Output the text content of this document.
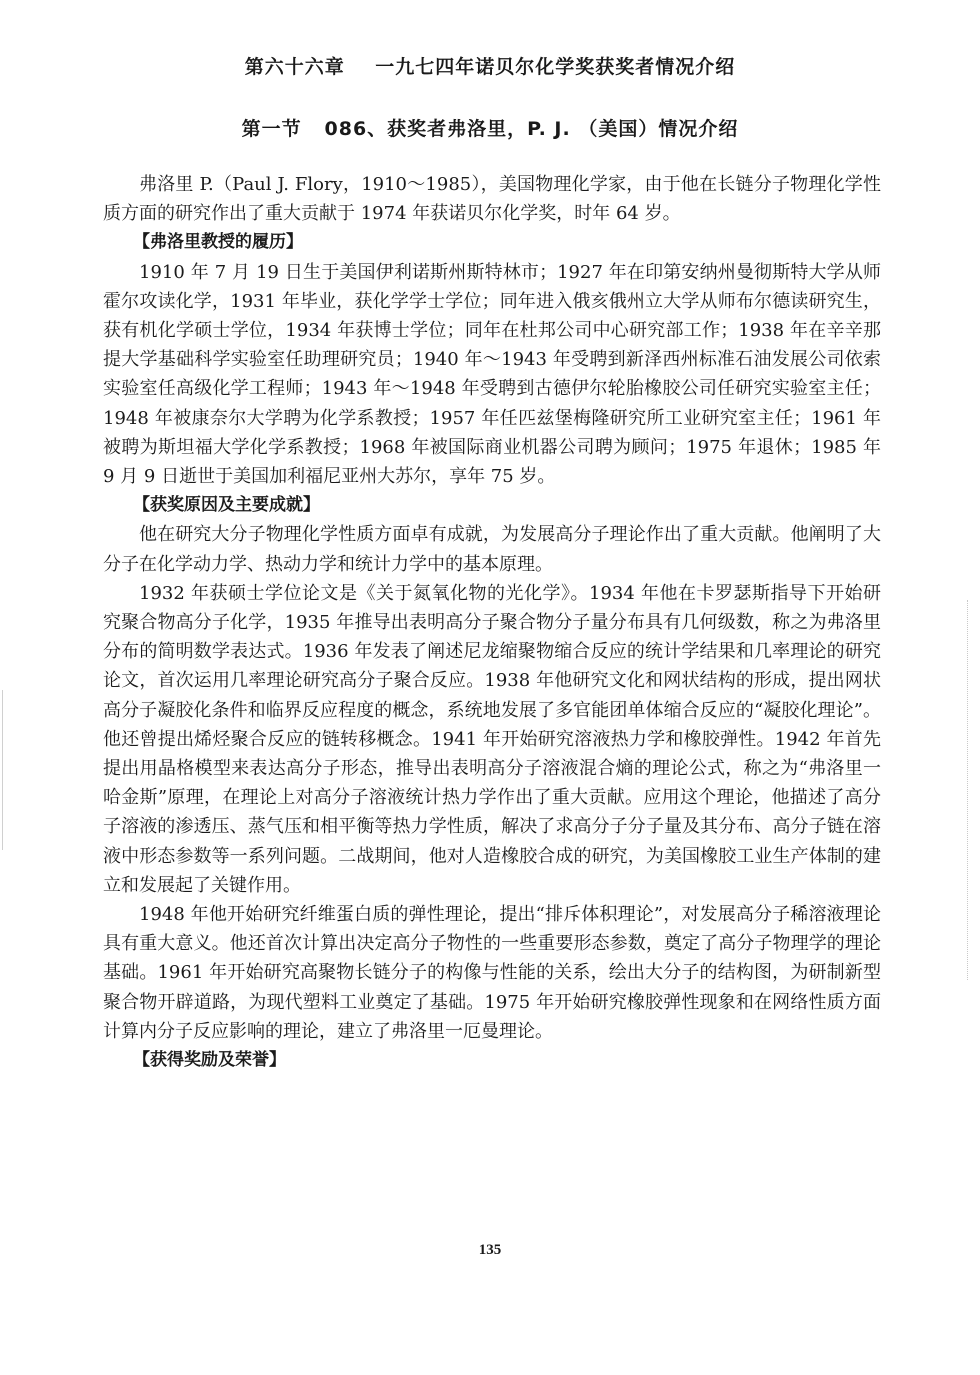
第六十六章    一九七四年诺贝尔化学奖获奖者情况介绍
第一节   086、获奖者弗洛里，P. J. （美国）情况介绍

弗洛里 P.（Paul J. Flory，1910～1985），美国物理化学家，由于他在长链分子物理化学性质方面的研究作出了重大贡献于 1974 年获诺贝尔化学奖，时年 64 岁。

【弗洛里教授的履历】

1910 年 7 月 19 日生于美国伊利诺斯州斯特林市；1927 年在印第安纳州曼彻斯特大学从师霍尔攻读化学，1931 年毕业，获化学学士学位；同年进入俄亥俄州立大学从师布尔德读研究生，获有机化学硕士学位，1934 年获博士学位；同年在杜邦公司中心研究部工作；1938 年在辛辛那提大学基础科学实验室任助理研究员；1940 年～1943 年受聘到新泽西州标准石油发展公司依索实验室任高级化学工程师；1943 年～1948 年受聘到古德伊尔轮胎橡胶公司任研究实验室主任；1948 年被康奈尔大学聘为化学系教授；1957 年任匹兹堡梅隆研究所工业研究室主任；1961 年被聘为斯坦福大学化学系教授；1968 年被国际商业机器公司聘为顾问；1975 年退休；1985 年 9 月 9 日逝世于美国加利福尼亚州大苏尔，享年 75 岁。

【获奖原因及主要成就】

他在研究大分子物理化学性质方面卓有成就，为发展高分子理论作出了重大贡献。他阐明了大分子在化学动力学、热动力学和统计力学中的基本原理。

1932 年获硕士学位论文是《关于氮氧化物的光化学》。1934 年他在卡罗瑟斯指导下开始研究聚合物高分子化学，1935 年推导出表明高分子聚合物分子量分布具有几何级数，称之为弗洛里分布的简明数学表达式。1936 年发表了阐述尼龙缩聚物缩合反应的统计学结果和几率理论的研究论文，首次运用几率理论研究高分子聚合反应。1938 年他研究文化和网状结构的形成，提出网状高分子凝胶化条件和临界反应程度的概念，系统地发展了多官能团单体缩合反应的“凝胶化理论”。他还曾提出烯烃聚合反应的链转移概念。1941 年开始研究溶液热力学和橡胶弹性。1942 年首先提出用晶格模型来表达高分子形态，推导出表明高分子溶液混合熵的理论公式，称之为“弗洛里一哈金斯”原理，在理论上对高分子溶液统计热力学作出了重大贡献。应用这个理论，他描述了高分子溶液的渗透压、蒸气压和相平衡等热力学性质，解决了求高分子分子量及其分布、高分子链在溶液中形态参数等一系列问题。二战期间，他对人造橡胶合成的研究，为美国橡胶工业生产体制的建立和发展起了关键作用。

1948 年他开始研究纤维蛋白质的弹性理论，提出“排斥体积理论”，对发展高分子稀溶液理论具有重大意义。他还首次计算出决定高分子物性的一些重要形态参数，奠定了高分子物理学的理论基础。1961 年开始研究高聚物长链分子的构像与性能的关系，绘出大分子的结构图，为研制新型聚合物开辟道路，为现代塑料工业奠定了基础。1975 年开始研究橡胶弹性现象和在网络性质方面计算内分子反应影响的理论，建立了弗洛里一厄曼理论。

【获得奖励及荣誉】
135
